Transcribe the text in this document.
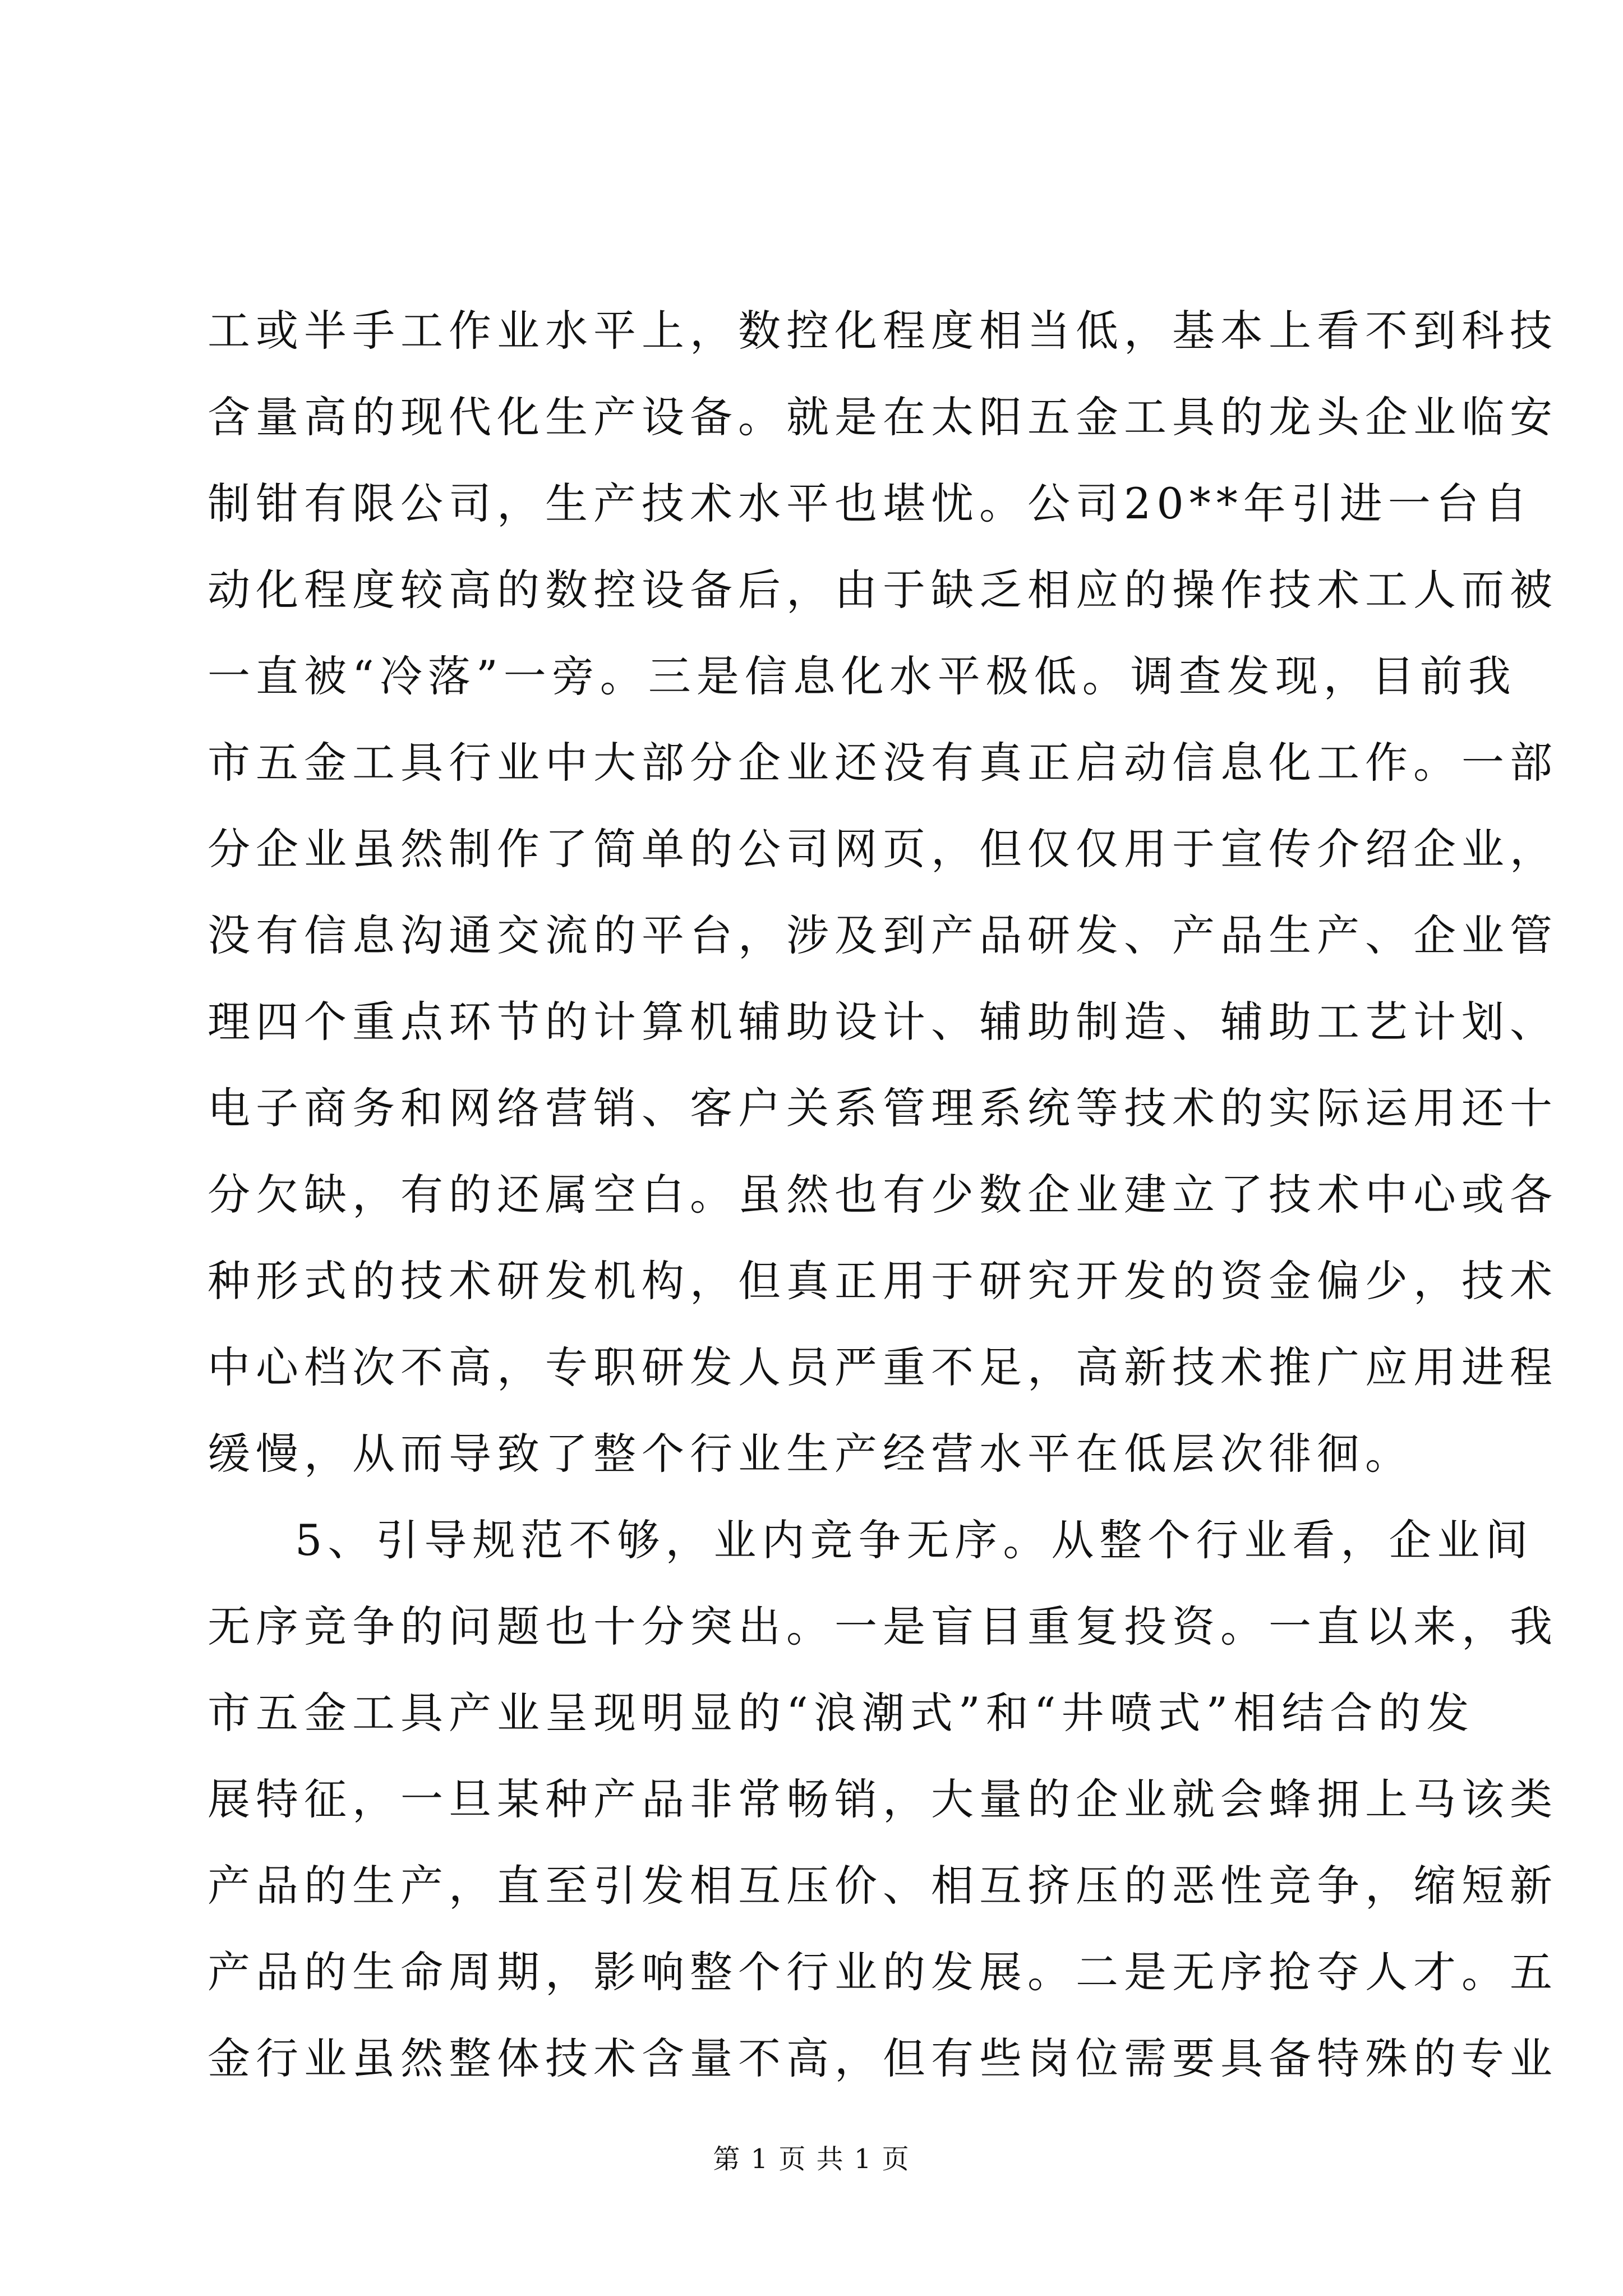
工或半手工作业水平上，数控化程度相当低，基本上看不到科技
含量高的现代化生产设备。就是在太阳五金工具的龙头企业临安
制钳有限公司，生产技术水平也堪忧。公司20**年引进一台自
动化程度较高的数控设备后，由于缺乏相应的操作技术工人而被
一直被“冷落”一旁。三是信息化水平极低。调查发现，目前我
市五金工具行业中大部分企业还没有真正启动信息化工作。一部
分企业虽然制作了简单的公司网页，但仅仅用于宣传介绍企业，
没有信息沟通交流的平台，涉及到产品研发、产品生产、企业管
理四个重点环节的计算机辅助设计、辅助制造、辅助工艺计划、
电子商务和网络营销、客户关系管理系统等技术的实际运用还十
分欠缺，有的还属空白。虽然也有少数企业建立了技术中心或各
种形式的技术研发机构，但真正用于研究开发的资金偏少，技术
中心档次不高，专职研发人员严重不足，高新技术推广应用进程
缓慢，从而导致了整个行业生产经营水平在低层次徘徊。
5、引导规范不够，业内竞争无序。从整个行业看，企业间
无序竞争的问题也十分突出。一是盲目重复投资。一直以来，我
市五金工具产业呈现明显的“浪潮式”和“井喷式”相结合的发
展特征，一旦某种产品非常畅销，大量的企业就会蜂拥上马该类
产品的生产，直至引发相互压价、相互挤压的恶性竞争，缩短新
产品的生命周期，影响整个行业的发展。二是无序抢夺人才。五
金行业虽然整体技术含量不高，但有些岗位需要具备特殊的专业
第 1 页 共 1 页
